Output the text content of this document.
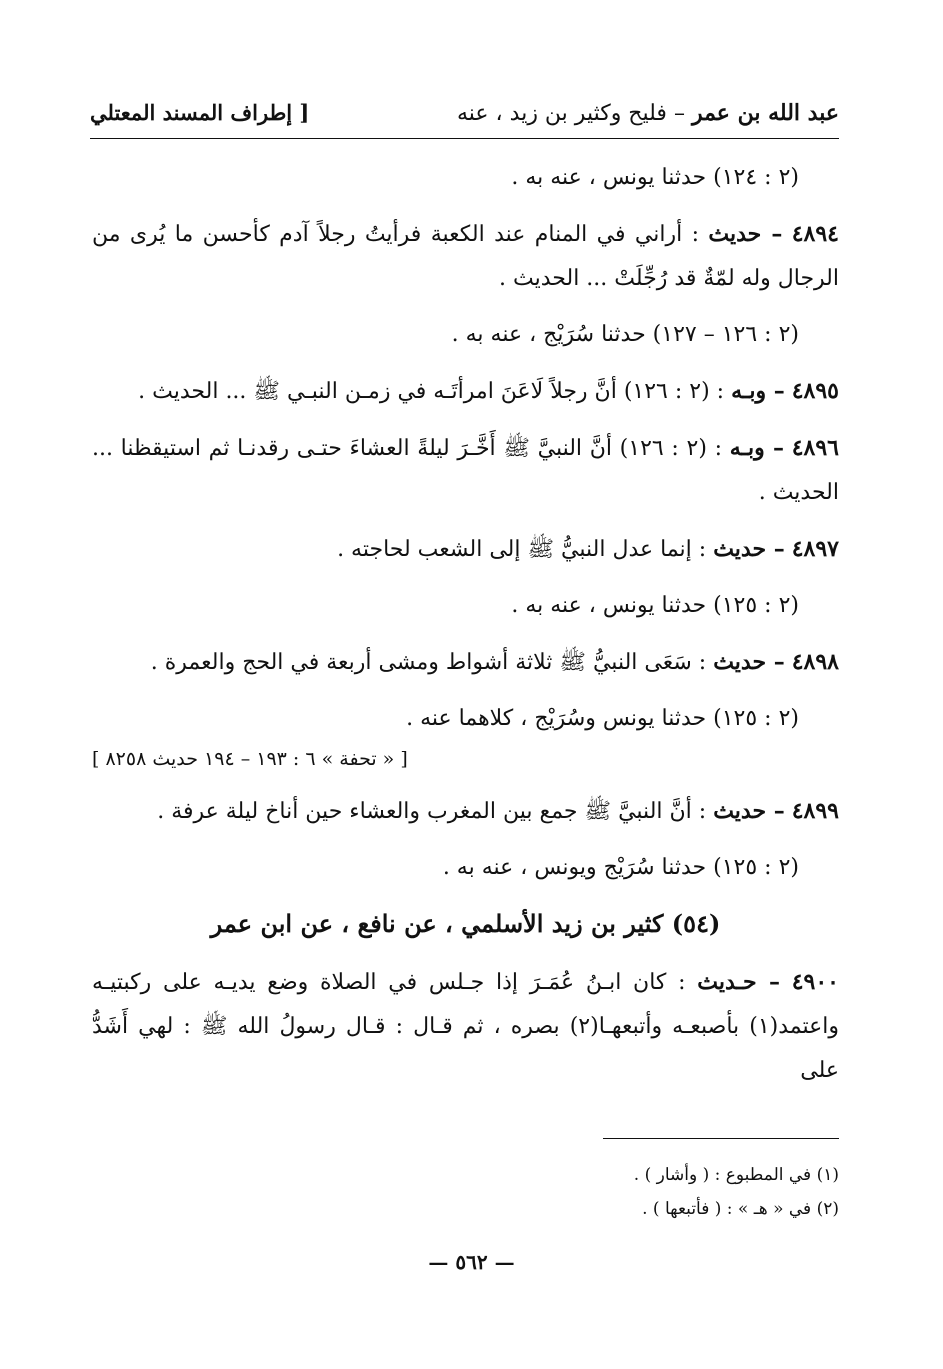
عبد الله بن عمر – فليح وكثير بن زيد ، عنه
[ إطراف المسند المعتلي

(٢ : ١٢٤) حدثنا يونس ، عنه به .

٤٨٩٤ – حديث : أراني في المنام عند الكعبة فرأيتُ رجلاً آدم كأحسن ما يُرى من الرجال وله لمّةٌ قد رُجِّلَتْ ... الحديث .

(٢ : ١٢٦ – ١٢٧) حدثنا سُرَيْج ، عنه به .

٤٨٩٥ – وبـه : (٢ : ١٢٦) أنَّ رجلاً لَاعَنَ امرأتَـه في زمـن النبـي ﷺ ... الحديث .

٤٨٩٦ – وبـه : (٢ : ١٢٦) أنَّ النبيَّ ﷺ أَخَّـرَ ليلةً العشاءَ حتـى رقدنـا ثم استيقظنا ... الحديث .

٤٨٩٧ – حديث : إنما عدل النبيُّ ﷺ إلى الشعب لحاجته .

(٢ : ١٢٥) حدثنا يونس ، عنه به .

٤٨٩٨ – حديث : سَعَى النبيُّ ﷺ ثلاثة أشواط ومشى أربعة في الحج والعمرة .

(٢ : ١٢٥) حدثنا يونس وسُرَيْج ، كلاهما عنه .

[ « تحفة » ٦ : ١٩٣ – ١٩٤ حديث ٨٢٥٨ ]

٤٨٩٩ – حديث : أنَّ النبيَّ ﷺ جمع بين المغرب والعشاء حين أناخ ليلة عرفة .

(٢ : ١٢٥) حدثنا سُرَيْج ويونس ، عنه به .

(٥٤) كثير بن زيد الأسلمي ، عن نافع ، عن ابن عمر

٤٩٠٠ – حـديث : كان ابـنُ عُمَـرَ إذا جـلس في الصلاة وضع يديـه على ركبتيـه واعتمد(١) بأصبعـه وأتبعهـا(٢) بصره ، ثم قـال : قـال رسولُ الله ﷺ : لهي أَشَدُّ على

(١) في المطبوع : ( وأشار ) .
(٢) في « هـ » : ( فأتبعها ) .
— ٥٦٢ —
